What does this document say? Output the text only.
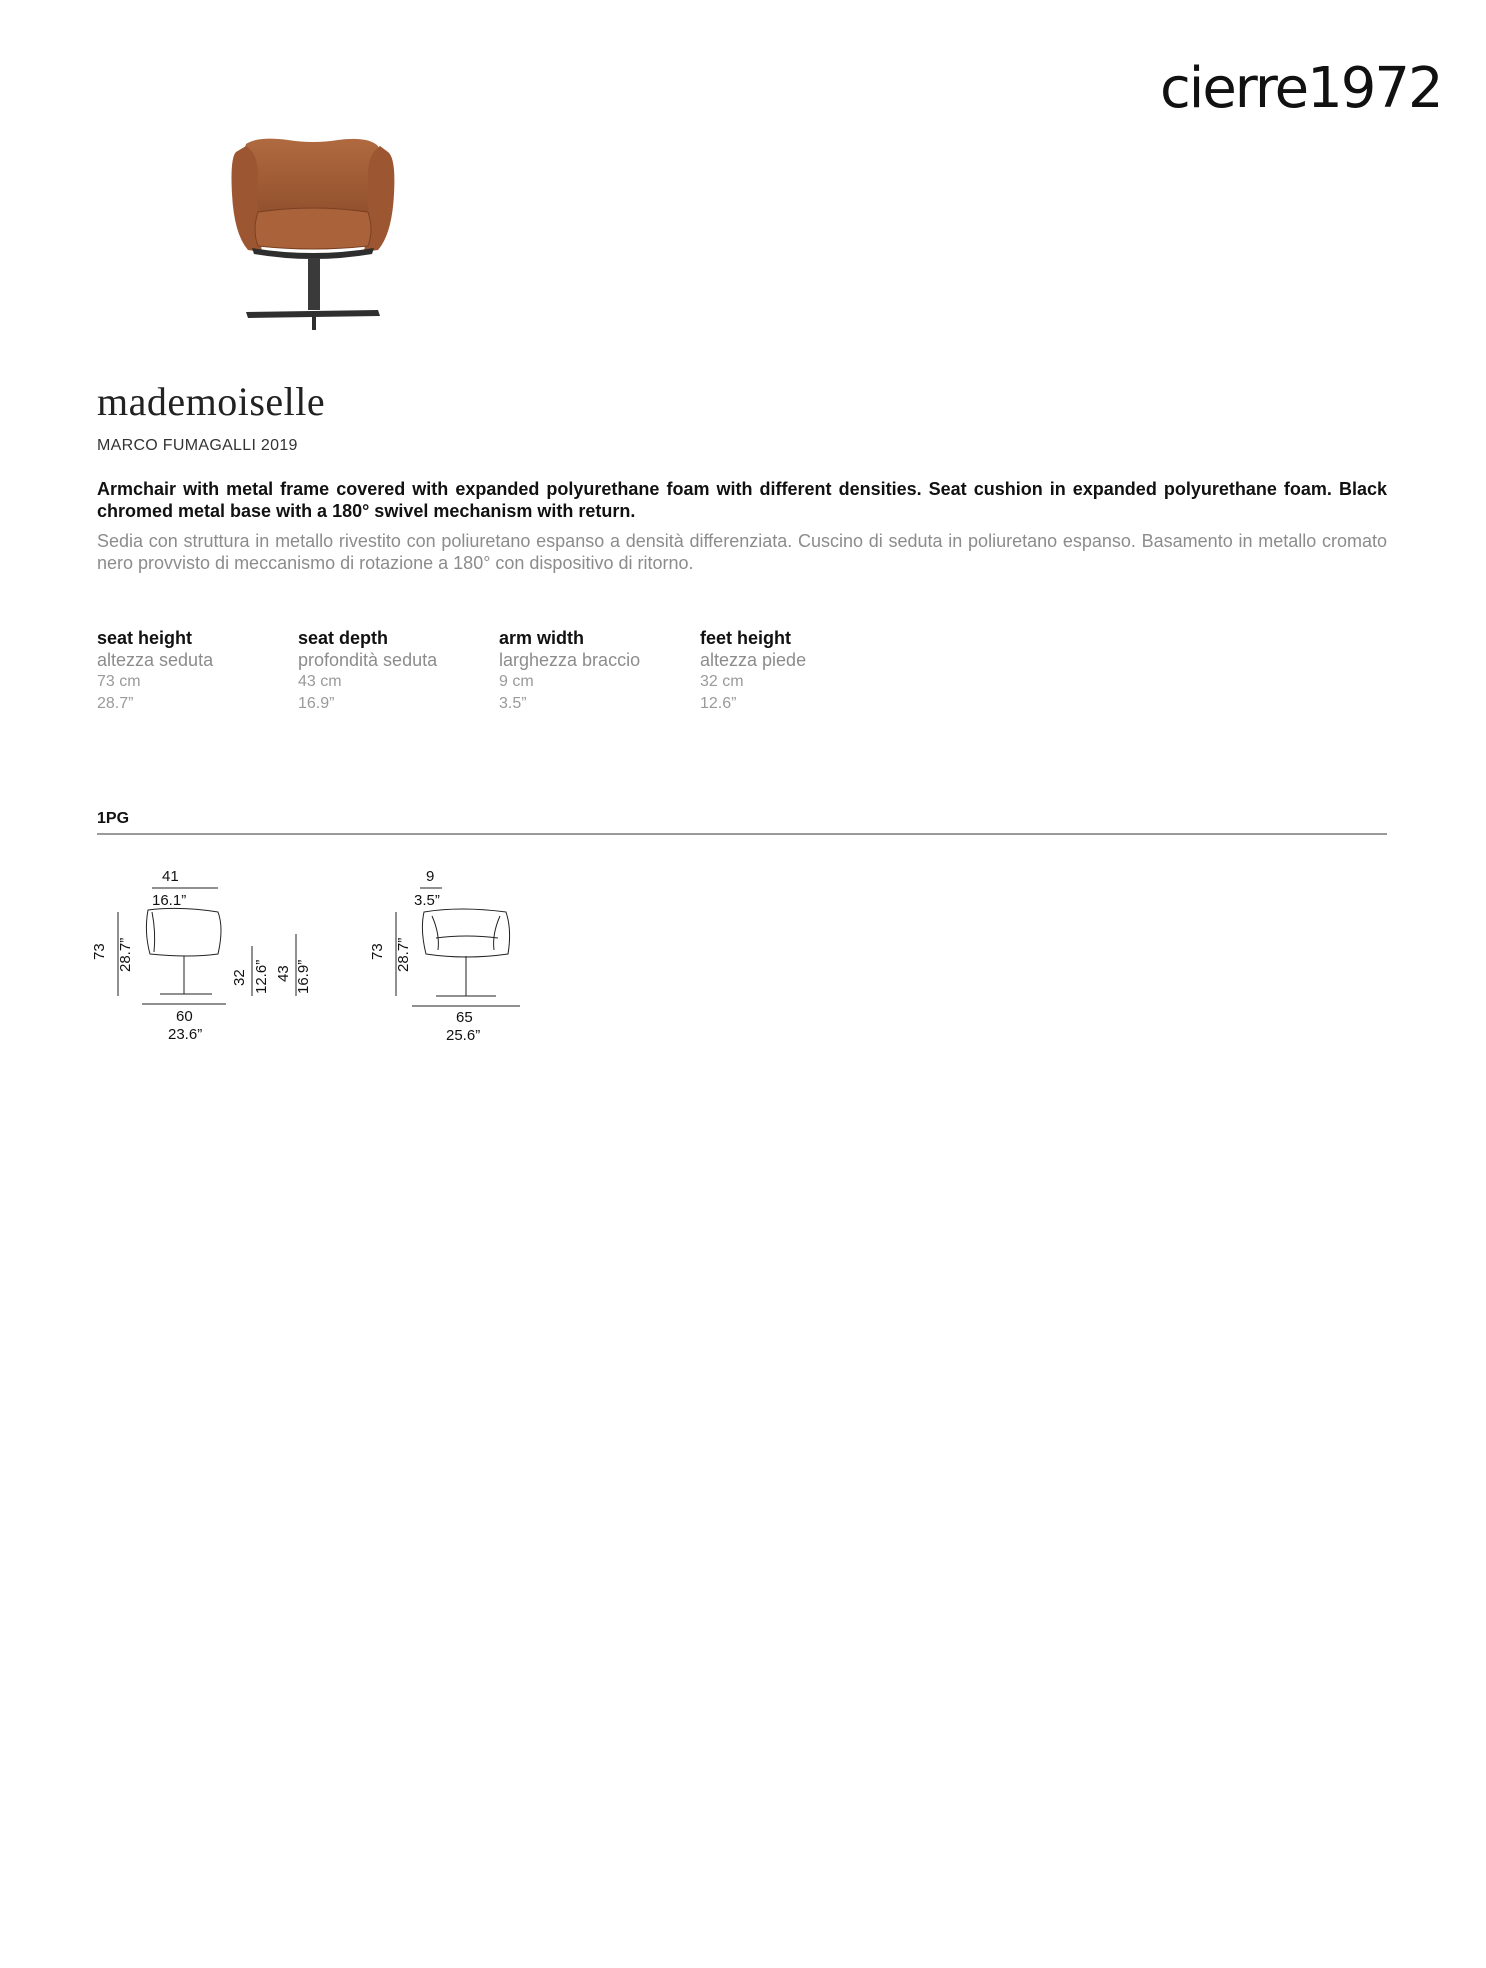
cierre1972
mademoiselle
MARCO FUMAGALLI 2019
Armchair with metal frame covered with expanded polyurethane foam with different densities. Seat cushion in expanded polyurethane foam. Black chromed metal base with a 180° swivel mechanism with return.
Sedia con struttura in metallo rivestito con poliuretano espanso a densità differenziata. Cuscino di seduta in poliuretano espanso. Basamento in metallo cromato nero provvisto di meccanismo di rotazione a 180° con dispositivo di ritorno.
seat height
altezza seduta
73 cm
28.7”
seat depth
profondità seduta
43 cm
16.9”
arm width
larghezza braccio
9 cm
3.5”
feet height
altezza piede
32 cm
12.6”
1PG
41
16.1”
73 28.7”
60
23.6”
32 12.6” 43 16.9”
9
3.5”
73 28.7”
65
25.6”
